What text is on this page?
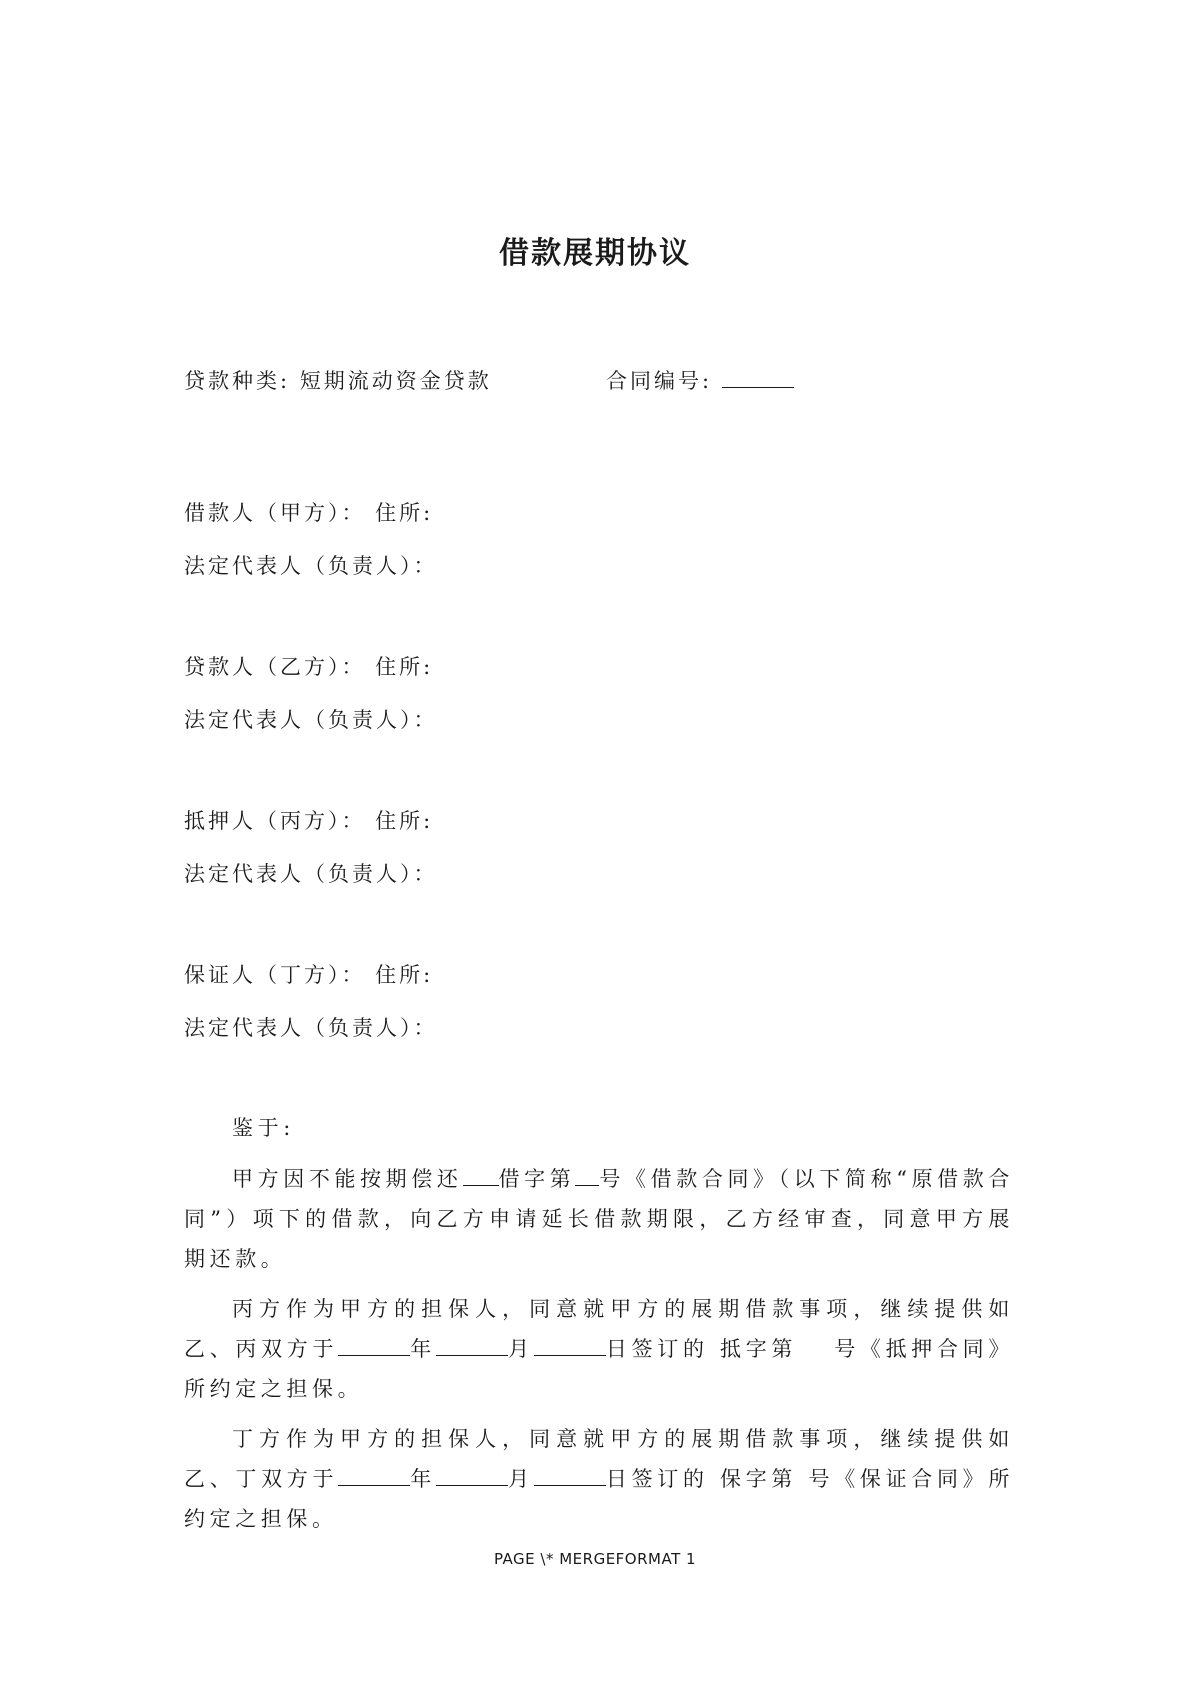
借款展期协议
贷款种类: 短期流动资金贷款	合同编号:
借款人（甲方）： 住所:
法定代表人（负责人）：
贷款人（乙方）： 住所:
法定代表人（负责人）：
抵押人（丙方）： 住所:
法定代表人（负责人）：
保证人（丁方）： 住所:
法定代表人（负责人）：
鉴于:
甲方因不能按期偿还 借字第 号《借款合同》（以下简称“原借款合同”）项下的借款，向乙方申请延长借款期限，乙方经审查，同意甲方展期还款。
丙方作为甲方的担保人，同意就甲方的展期借款事项，继续提供如乙、丙双方于	年	月	日签订的 抵字第　 号《抵押合同》所约定之担保。
丁方作为甲方的担保人，同意就甲方的展期借款事项，继续提供如乙、丁双方于	年	月	日签订的 保字第 号《保证合同》所约定之担保。
PAGE \* MERGEFORMAT 1
